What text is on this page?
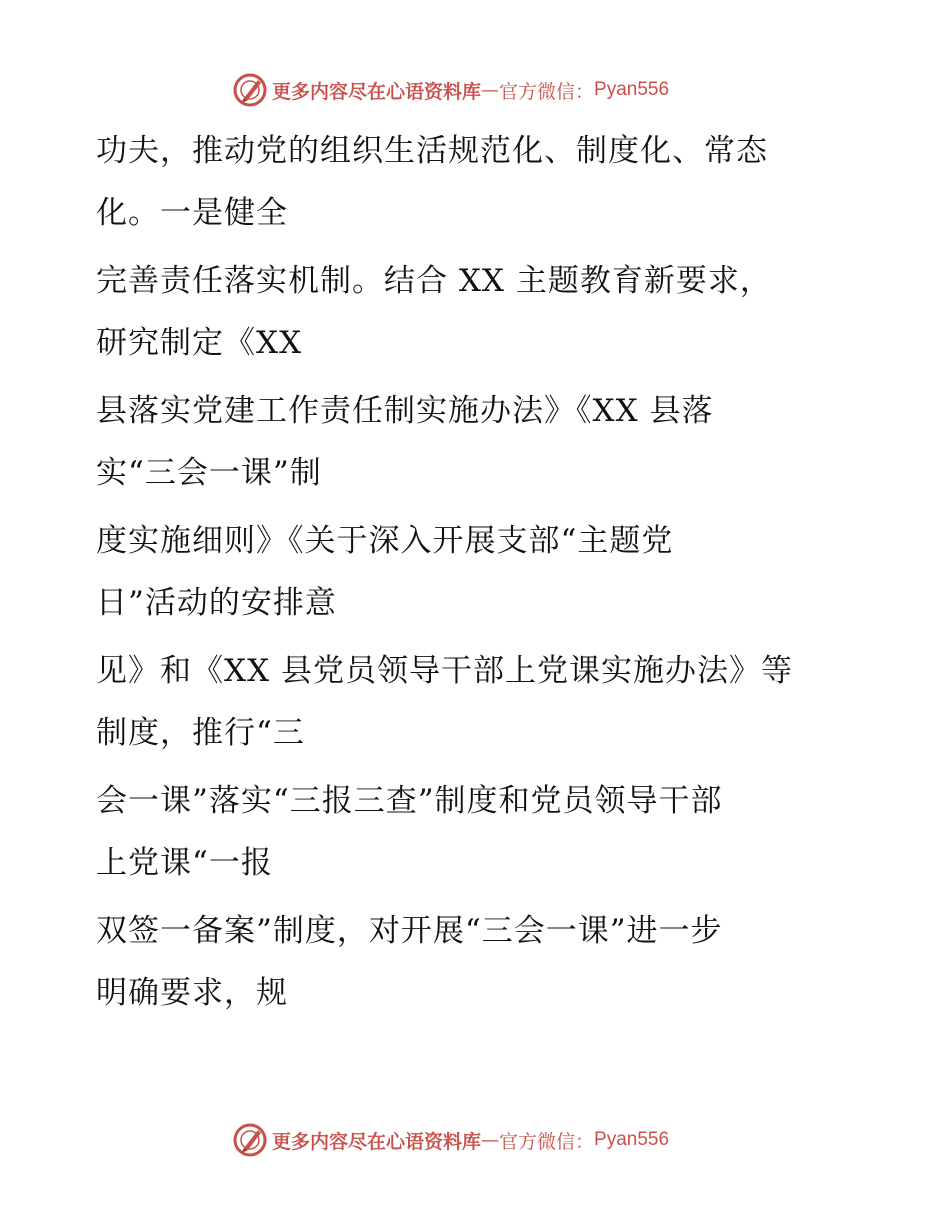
更多内容尽在心语资料库 — 官方微信： Pyan556
功夫，推动党的组织生活规范化、制度化、常态
化。一是健全
完善责任落实机制。结合 XX 主题教育新要求，
研究制定《XX
县落实党建工作责任制实施办法》《XX 县落
实“三会一课”制
度实施细则》《关于深入开展支部“主题党
日”活动的安排意
见》和《XX 县党员领导干部上党课实施办法》等
制度，推行“三
会一课”落实“三报三查”制度和党员领导干部
上党课“一报
双签一备案”制度，对开展“三会一课”进一步
明确要求，规
更多内容尽在心语资料库 — 官方微信： Pyan556
